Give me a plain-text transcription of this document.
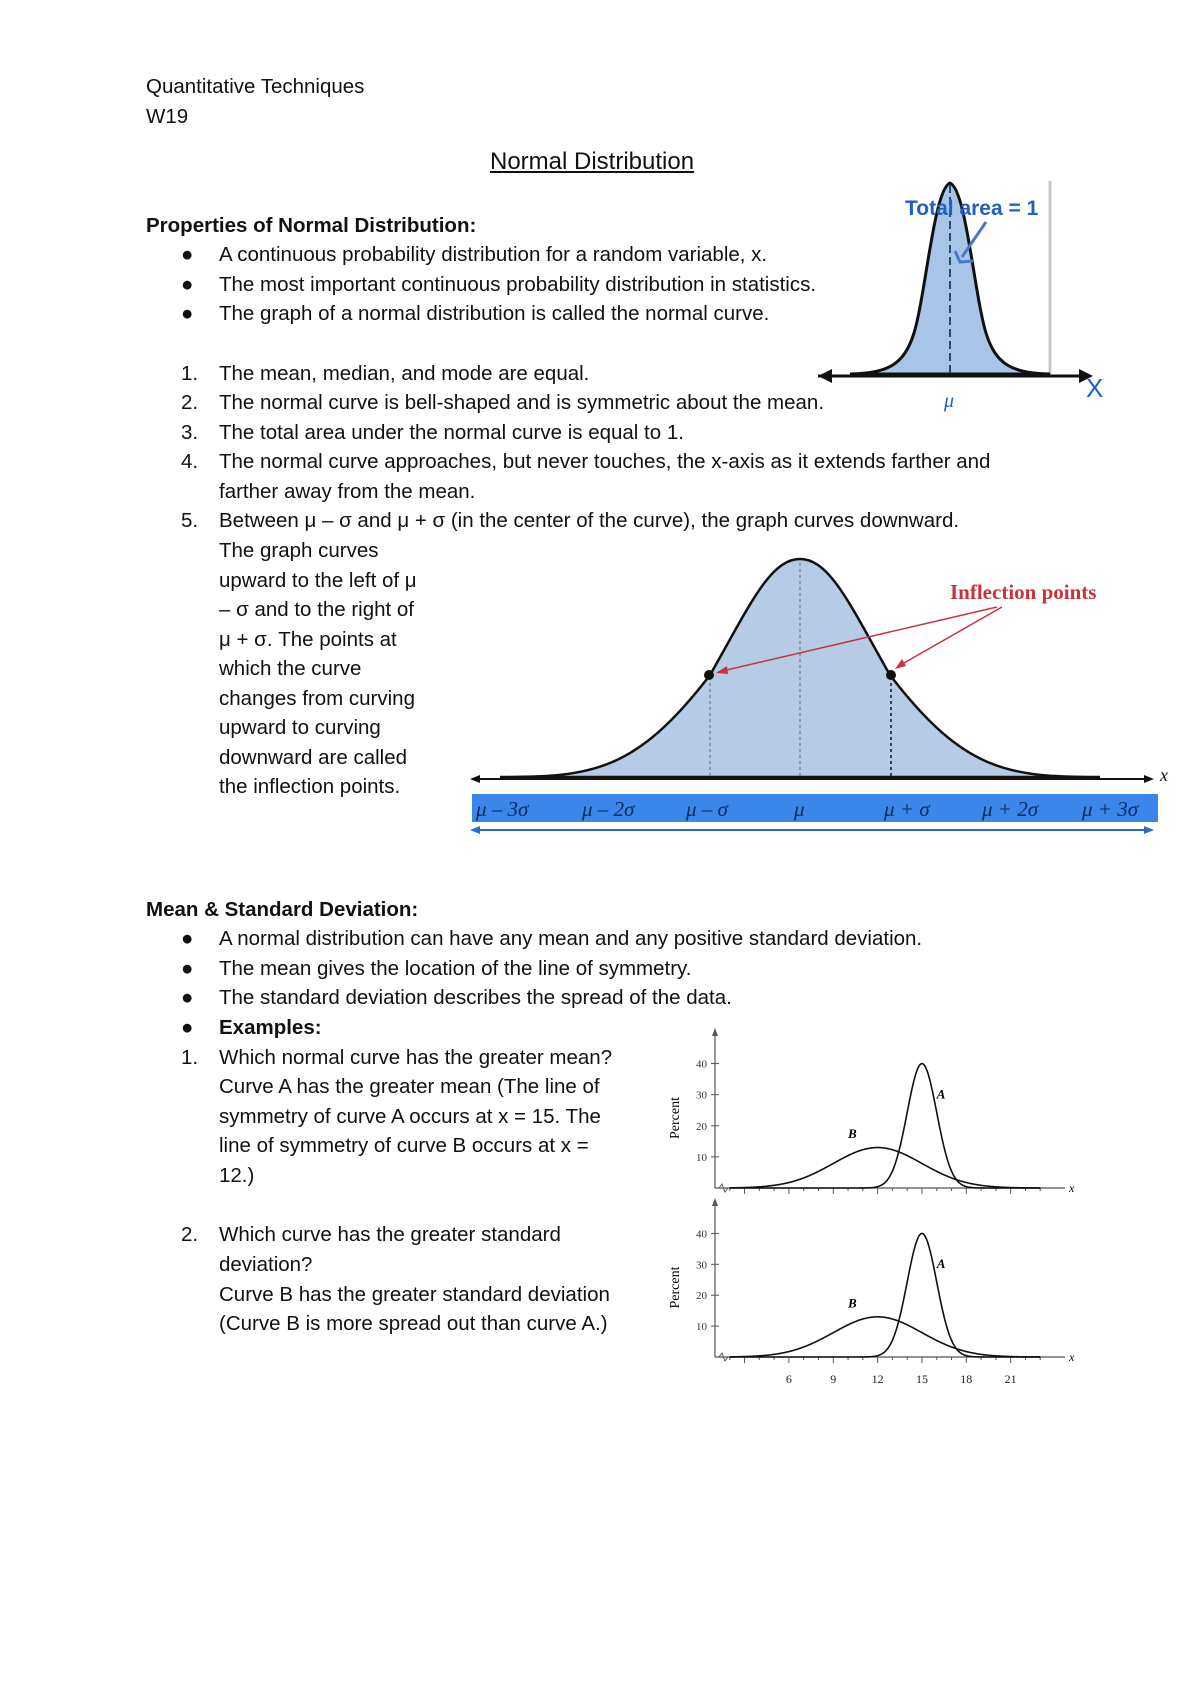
Quantitative Techniques
W19
Normal Distribution
Properties of Normal Distribution:
●	A continuous probability distribution for a random variable, x.
●	The most important continuous probability distribution in statistics.
●	The graph of a normal distribution is called the normal curve.
1. The mean, median, and mode are equal.
2. The normal curve is bell-shaped and is symmetric about the mean.
3. The total area under the normal curve is equal to 1.
4. The normal curve approaches, but never touches, the x-axis as it extends farther and
farther away from the mean.
5. Between μ – σ and μ + σ (in the center of the curve), the graph curves downward.
The graph curves
upward to the left of μ
– σ and to the right of
μ + σ. The points at
which the curve
changes from curving
upward to curving
downward are called
the inflection points.
Total area = 1
μ	X
Inflection points
x
μ – 3σ	μ – 2σ μ – σ	μ	μ + σ μ + 2σ μ + 3σ
Mean & Standard Deviation:
●	A normal distribution can have any mean and any positive standard deviation.
●	The mean gives the location of the line of symmetry.
●	The standard deviation describes the spread of the data.
●	Examples:
1. Which normal curve has the greater mean?
Curve A has the greater mean (The line of
symmetry of curve A occurs at x = 15. The
line of symmetry of curve B occurs at x =
12.)
2. Which curve has the greater standard
deviation?
Curve B has the greater standard deviation
(Curve B is more spread out than curve A.)
Percent
x
A
B
10
20
30
40
Percent
x
A
B
10
20
30
40
6	9	12	15	18	21
